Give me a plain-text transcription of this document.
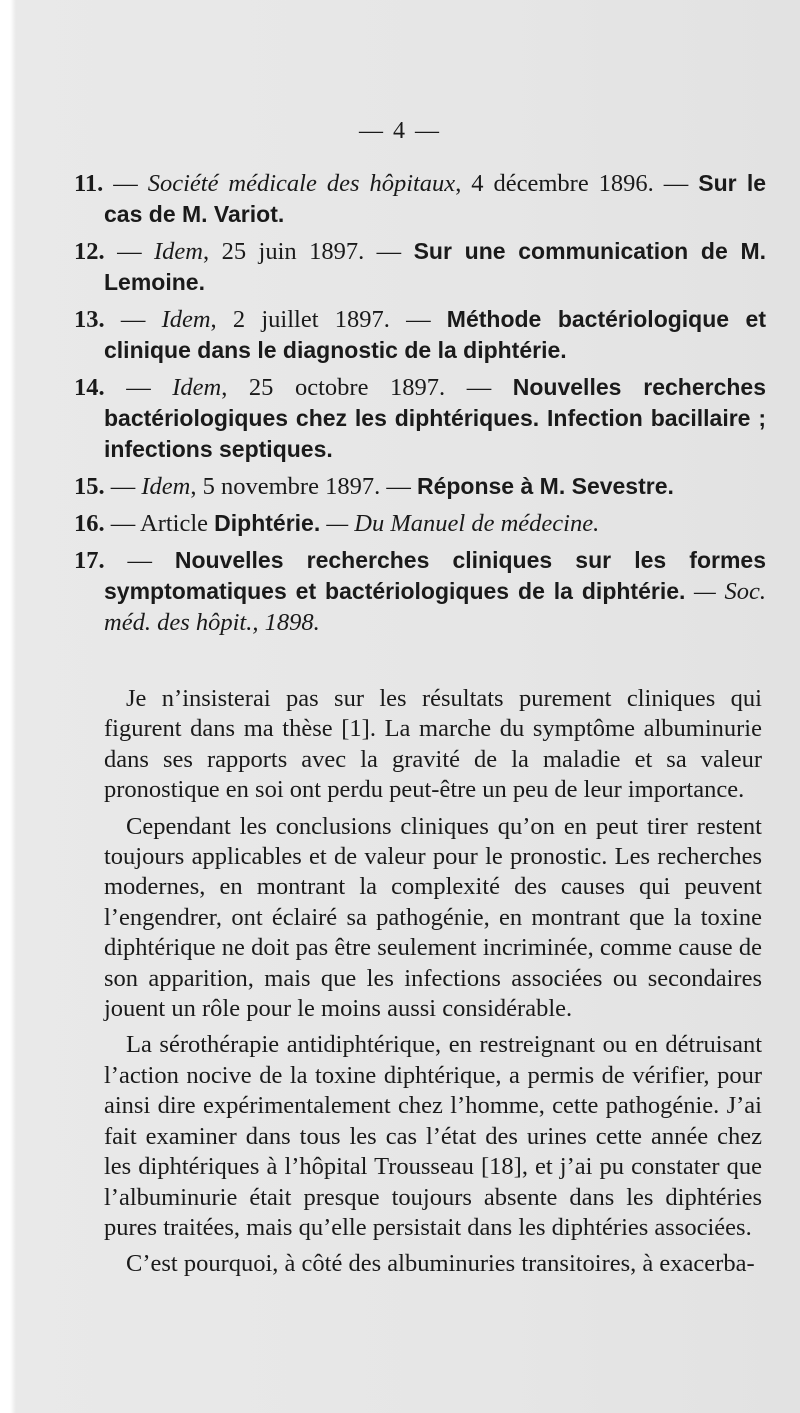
— 4 —
11. — Société médicale des hôpitaux, 4 décembre 1896. — Sur le cas de M. Variot.
12. — Idem, 25 juin 1897. — Sur une communication de M. Lemoine.
13. — Idem, 2 juillet 1897. — Méthode bactériologique et clinique dans le diagnostic de la diphtérie.
14. — Idem, 25 octobre 1897. — Nouvelles recherches bactériologiques chez les diphtériques. Infection bacillaire ; infections septiques.
15. — Idem, 5 novembre 1897. — Réponse à M. Sevestre.
16. — Article Diphtérie. — Du Manuel de médecine.
17. — Nouvelles recherches cliniques sur les formes symptomatiques et bactériologiques de la diphtérie. — Soc. méd. des hôpit., 1898.

Je n’insisterai pas sur les résultats purement cliniques qui figurent dans ma thèse [1]. La marche du symptôme albuminurie dans ses rapports avec la gravité de la maladie et sa valeur pronostique en soi ont perdu peut-être un peu de leur importance.

Cependant les conclusions cliniques qu’on en peut tirer restent toujours applicables et de valeur pour le pronostic. Les recherches modernes, en montrant la complexité des causes qui peuvent l’engendrer, ont éclairé sa pathogénie, en montrant que la toxine diphtérique ne doit pas être seulement incriminée, comme cause de son apparition, mais que les infections associées ou secondaires jouent un rôle pour le moins aussi considérable.

La sérothérapie antidiphtérique, en restreignant ou en détruisant l’action nocive de la toxine diphtérique, a permis de vérifier, pour ainsi dire expérimentalement chez l’homme, cette pathogénie. J’ai fait examiner dans tous les cas l’état des urines cette année chez les diphtériques à l’hôpital Trousseau [18], et j’ai pu constater que l’albuminurie était presque toujours absente dans les diphtéries pures traitées, mais qu’elle persistait dans les diphtéries associées.

C’est pourquoi, à côté des albuminuries transitoires, à exacerba-
